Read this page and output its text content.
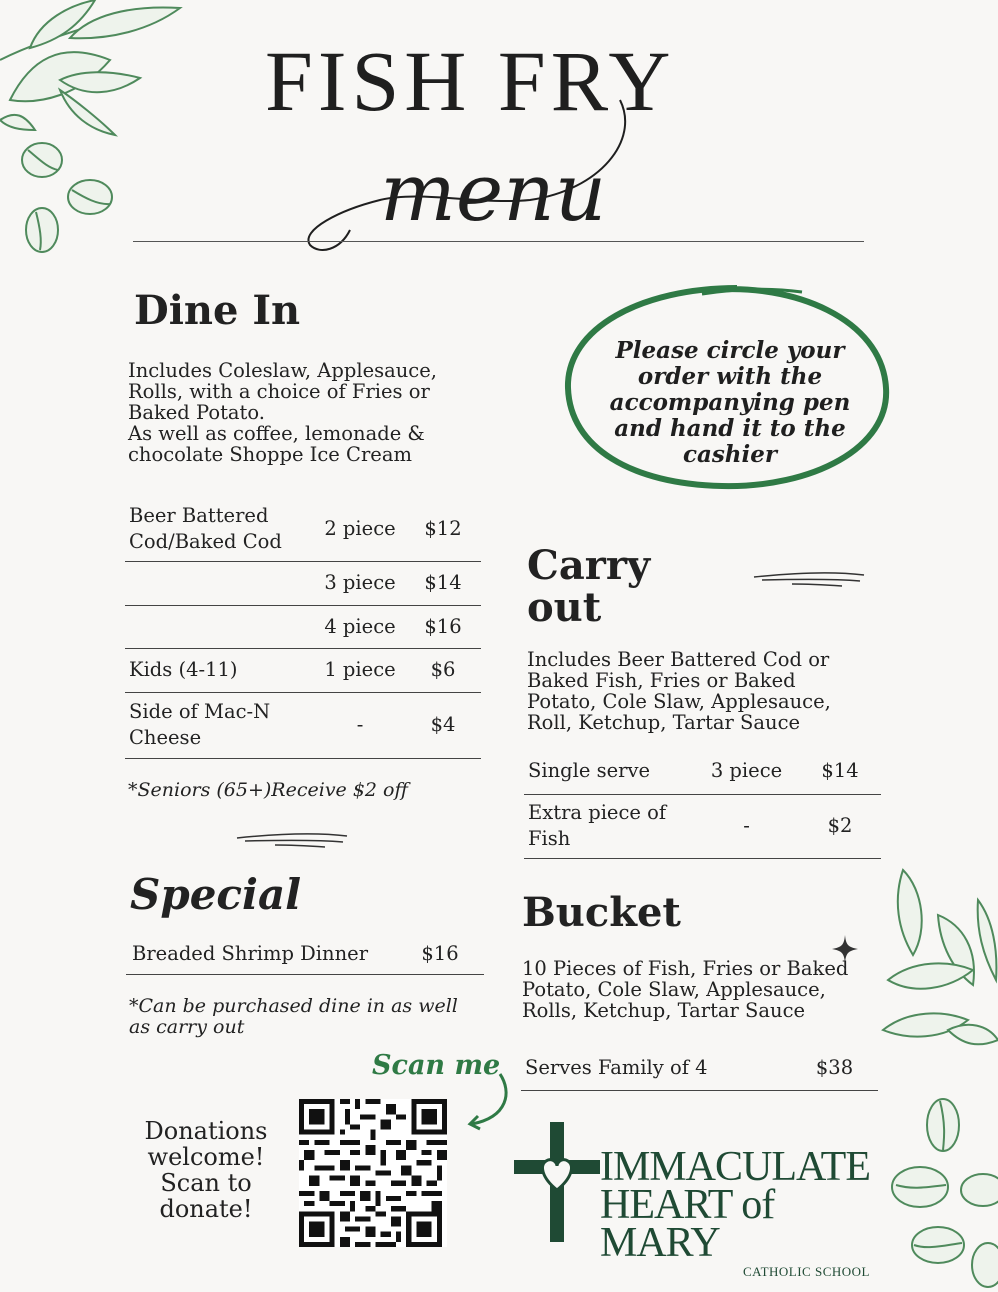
FISH FRY
menu
Dine In
Includes Coleslaw, Applesauce,
Rolls, with a choice of Fries or
Baked Potato.
As well as coffee, lemonade &
chocolate Shoppe Ice Cream
Beer Battered Cod/Baked Cod	2 piece	$12
	3 piece	$14
	4 piece	$16
Kids (4-11)	1 piece	$6
Side of Mac-N Cheese	-	$4
*Seniors (65+)Receive $2 off
Special
Breaded Shrimp Dinner	$16
*Can be purchased dine in as well as carry out
Please circle your
order with the
accompanying pen
and hand it to the
cashier
Carry
out
Includes Beer Battered Cod or
Baked Fish, Fries or Baked
Potato, Cole Slaw, Applesauce,
Roll, Ketchup, Tartar Sauce
Single serve	3 piece	$14
Extra piece of Fish	-	$2
Bucket
10 Pieces of Fish, Fries or Baked
Potato, Cole Slaw, Applesauce,
Rolls, Ketchup, Tartar Sauce
Serves Family of 4	$38
Scan me
Donations
welcome!
Scan to
donate!
IMMACULATE
HEART of MARY
CATHOLIC SCHOOL
